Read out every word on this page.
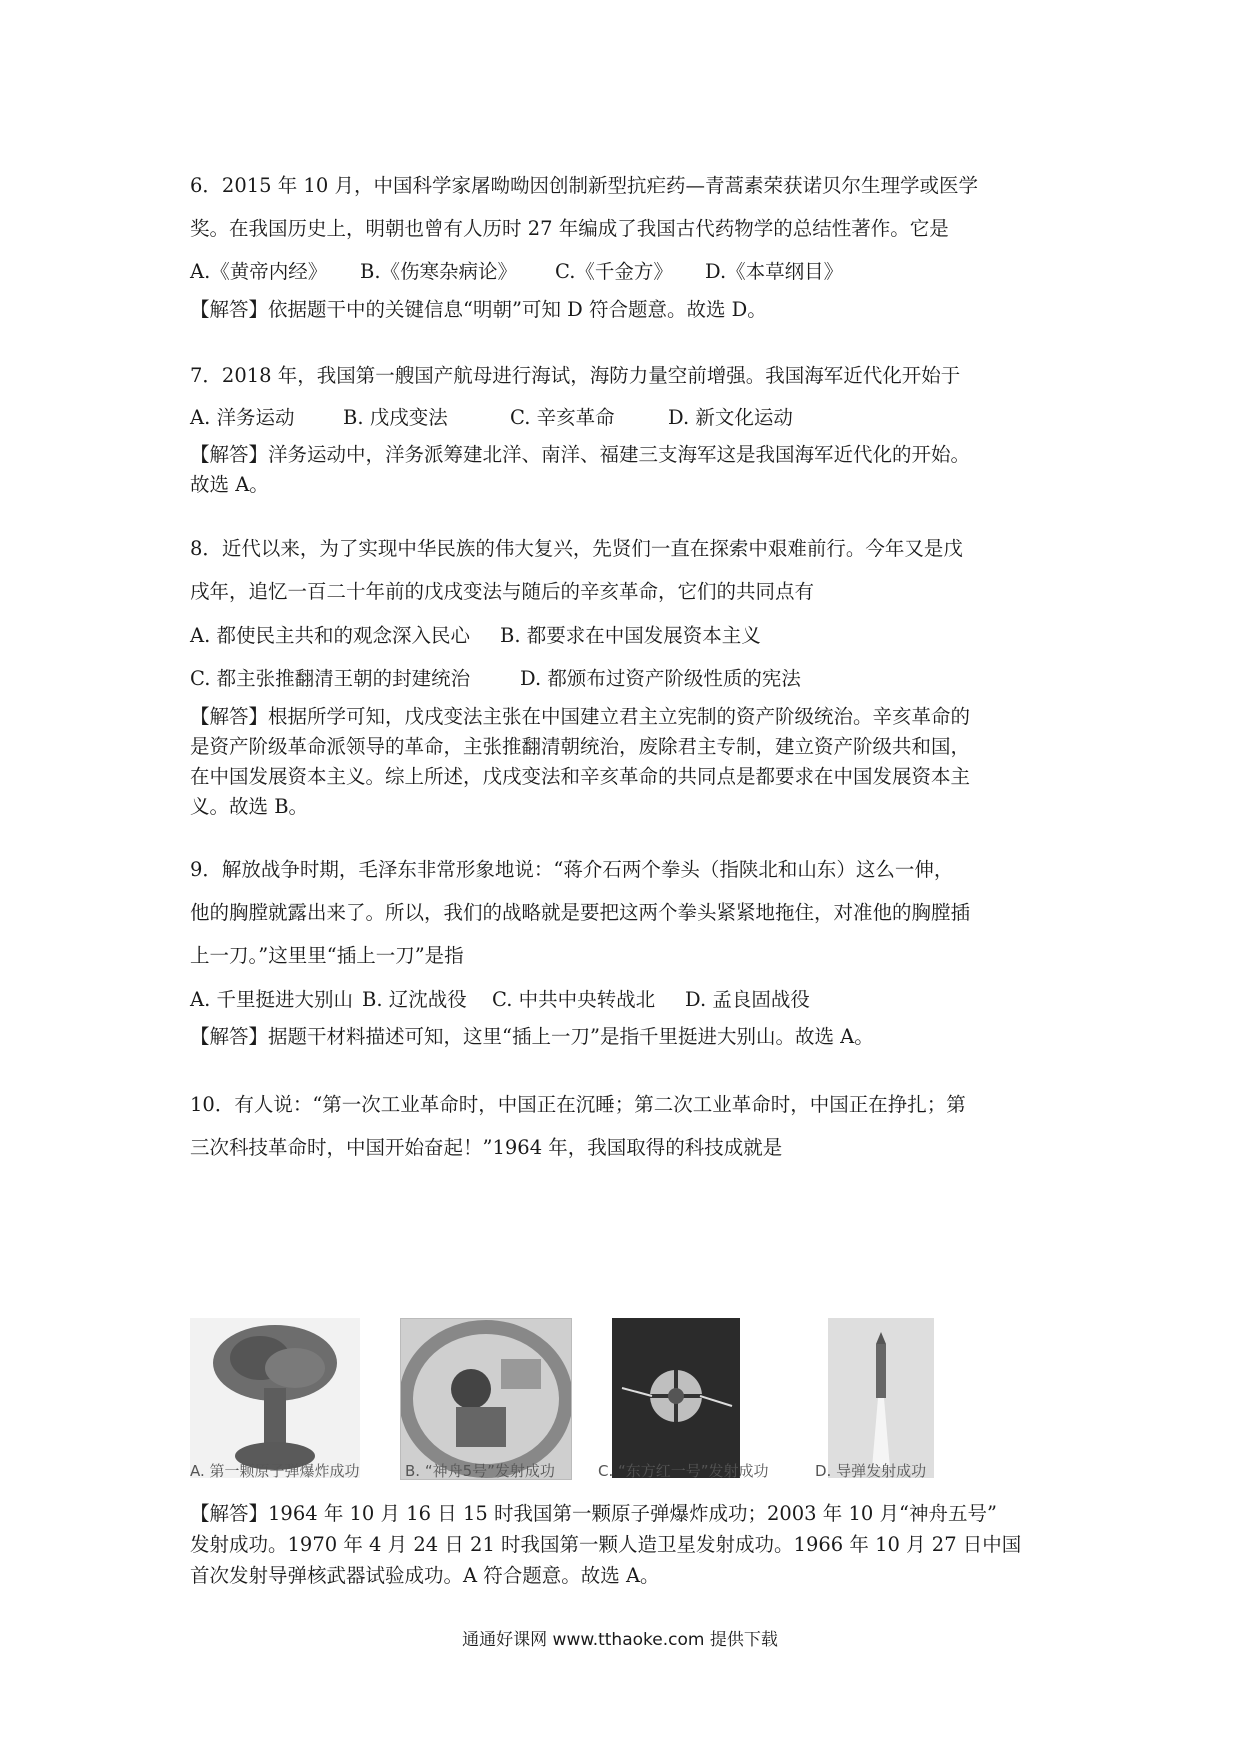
6．2015 年 10 月，中国科学家屠呦呦因创制新型抗疟药—青蒿素荣获诺贝尔生理学或医学
奖。在我国历史上，明朝也曾有人历时 27 年编成了我国古代药物学的总结性著作。它是
A.《黄帝内经》 B.《伤寒杂病论》 C.《千金方》 D.《本草纲目》
【解答】依据题干中的关键信息“明朝”可知 D 符合题意。故选 D。
7．2018 年，我国第一艘国产航母进行海试，海防力量空前增强。我国海军近代化开始于
A. 洋务运动 B. 戊戌变法	C. 辛亥革命	D. 新文化运动
【解答】洋务运动中，洋务派筹建北洋、南洋、福建三支海军这是我国海军近代化的开始。
故选 A。
8．近代以来，为了实现中华民族的伟大复兴，先贤们一直在探索中艰难前行。今年又是戊
戌年，追忆一百二十年前的戊戌变法与随后的辛亥革命，它们的共同点有
A. 都使民主共和的观念深入民心 B. 都要求在中国发展资本主义
C. 都主张推翻清王朝的封建统治	D. 都颁布过资产阶级性质的宪法
【解答】根据所学可知，戊戌变法主张在中国建立君主立宪制的资产阶级统治。辛亥革命的
是资产阶级革命派领导的革命，主张推翻清朝统治，废除君主专制，建立资产阶级共和国，
在中国发展资本主义。综上所述，戊戌变法和辛亥革命的共同点是都要求在中国发展资本主
义。故选 B。
9．解放战争时期，毛泽东非常形象地说：“蒋介石两个拳头（指陕北和山东）这么一伸，
他的胸膛就露出来了。所以，我们的战略就是要把这两个拳头紧紧地拖住，对准他的胸膛插
上一刀。”这里里“插上一刀”是指
A. 千里挺进大别山 B. 辽沈战役 C. 中共中央转战北 D. 孟良固战役
【解答】据题干材料描述可知，这里“插上一刀”是指千里挺进大别山。故选 A。
10．有人说：“第一次工业革命时，中国正在沉睡；第二次工业革命时，中国正在挣扎；第
三次科技革命时，中国开始奋起！”1964 年，我国取得的科技成就是
A. 第一颗原子弹爆炸成功	B. “神舟5号”发射成功	C. “东方红一号”发射成功	D. 导弹发射成功
【解答】1964 年 10 月 16 日 15 时我国第一颗原子弹爆炸成功；2003 年 10 月“神舟五号”
发射成功。1970 年 4 月 24 日 21 时我国第一颗人造卫星发射成功。1966 年 10 月 27 日中国
首次发射导弹核武器试验成功。A 符合题意。故选 A。
通通好课网 www.tthaoke.com 提供下载
